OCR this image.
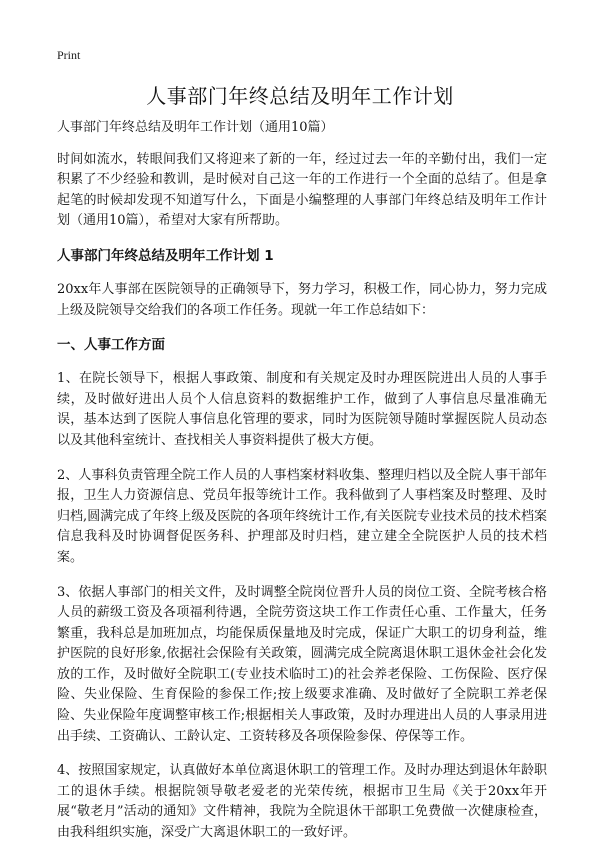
Print
人事部门年终总结及明年工作计划

人事部门年终总结及明年工作计划（通用10篇）

时间如流水，转眼间我们又将迎来了新的一年，经过过去一年的辛勤付出，我们一定积累了不少经验和教训，是时候对自己这一年的工作进行一个全面的总结了。但是拿起笔的时候却发现不知道写什么，下面是小编整理的人事部门年终总结及明年工作计划（通用10篇），希望对大家有所帮助。

人事部门年终总结及明年工作计划 1

20xx年人事部在医院领导的正确领导下，努力学习，积极工作，同心协力，努力完成上级及院领导交给我们的各项工作任务。现就一年工作总结如下：

一、人事工作方面

1、在院长领导下，根据人事政策、制度和有关规定及时办理医院进出人员的人事手续，及时做好进出人员个人信息资料的数据维护工作，做到了人事信息尽量准确无误，基本达到了医院人事信息化管理的要求，同时为医院领导随时掌握医院人员动态以及其他科室统计、查找相关人事资料提供了极大方便。

2、人事科负责管理全院工作人员的人事档案材料收集、整理归档以及全院人事干部年报，卫生人力资源信息、党员年报等统计工作。我科做到了人事档案及时整理、及时归档,圆满完成了年终上级及医院的各项年终统计工作,有关医院专业技术员的技术档案信息我科及时协调督促医务科、护理部及时归档，建立建全全院医护人员的技术档案。

3、依据人事部门的相关文件，及时调整全院岗位晋升人员的岗位工资、全院考核合格人员的薪级工资及各项福利待遇，全院劳资这块工作工作责任心重、工作量大，任务繁重，我科总是加班加点，均能保质保量地及时完成，保证广大职工的切身利益，维护医院的良好形象,依据社会保险有关政策，圆满完成全院离退休职工退休金社会化发放的工作，及时做好全院职工(专业技术临时工)的社会养老保险、工伤保险、医疗保险、失业保险、生育保险的参保工作;按上级要求准确、及时做好了全院职工养老保险、失业保险年度调整审核工作;根据相关人事政策，及时办理进出人员的人事录用进出手续、工资确认、工龄认定、工资转移及各项保险参保、停保等工作。

4、按照国家规定，认真做好本单位离退休职工的管理工作。及时办理达到退休年龄职工的退休手续。根据院领导敬老爱老的光荣传统，根据市卫生局《关于20xx年开展“敬老月”活动的通知》文件精神，我院为全院退休干部职工免费做一次健康检查，由我科组织实施，深受广大离退休职工的一致好评。
